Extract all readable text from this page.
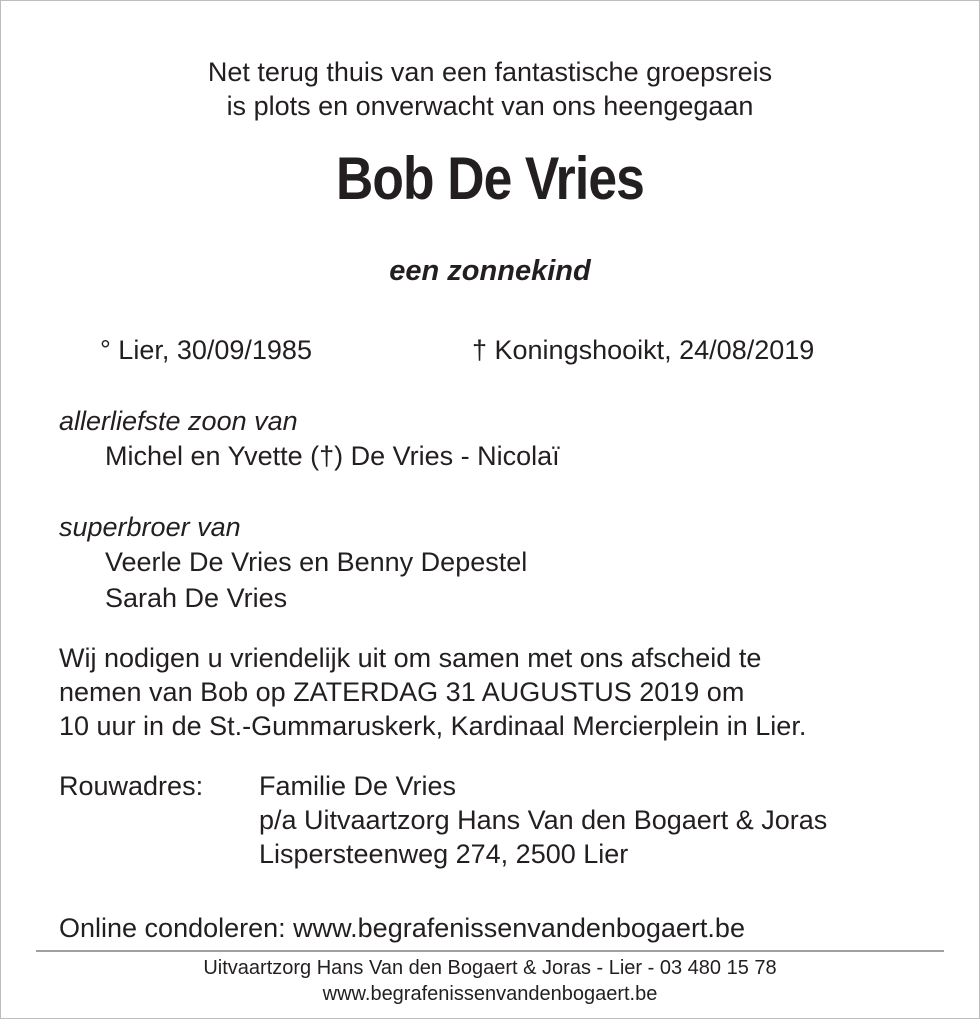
Net terug thuis van een fantastische groepsreis
is plots en onverwacht van ons heengegaan
Bob De Vries
een zonnekind
° Lier, 30/09/1985	† Koningshooikt, 24/08/2019
allerliefste zoon van
Michel en Yvette (†) De Vries - Nicolaï
superbroer van
Veerle De Vries en Benny Depestel
Sarah De Vries
Wij nodigen u vriendelijk uit om samen met ons afscheid te
nemen van Bob op ZATERDAG 31 AUGUSTUS 2019 om
10 uur in de St.-Gummaruskerk, Kardinaal Mercierplein in Lier.
Rouwadres: Familie De Vries
p/a Uitvaartzorg Hans Van den Bogaert & Joras
Lispersteenweg 274, 2500 Lier
Online condoleren: www.begrafenissenvandenbogaert.be
Uitvaartzorg Hans Van den Bogaert & Joras - Lier - 03 480 15 78
www.begrafenissenvandenbogaert.be
